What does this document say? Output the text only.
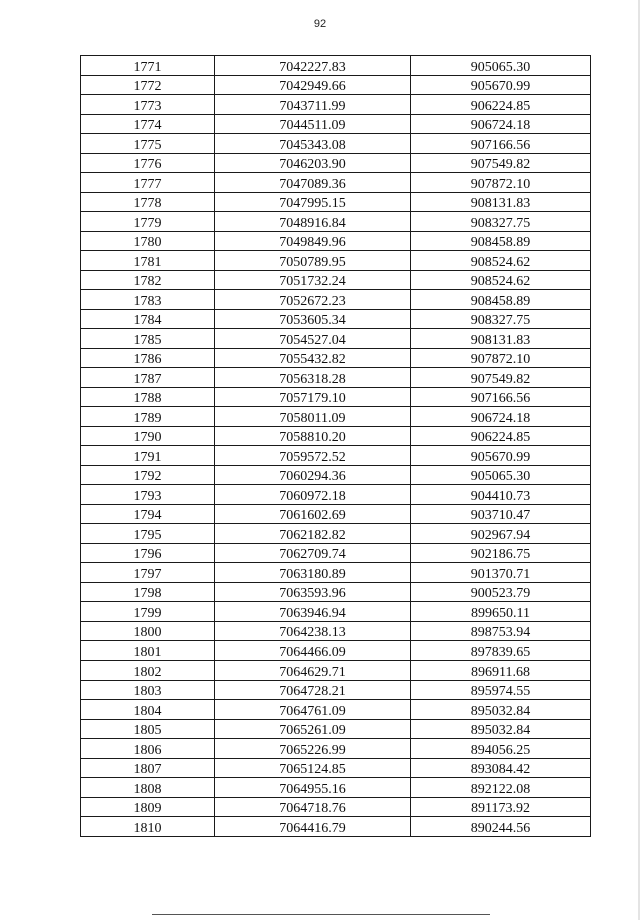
92
1771	7042227.83	905065.30
1772	7042949.66	905670.99
1773	7043711.99	906224.85
1774	7044511.09	906724.18
1775	7045343.08	907166.56
1776	7046203.90	907549.82
1777	7047089.36	907872.10
1778	7047995.15	908131.83
1779	7048916.84	908327.75
1780	7049849.96	908458.89
1781	7050789.95	908524.62
1782	7051732.24	908524.62
1783	7052672.23	908458.89
1784	7053605.34	908327.75
1785	7054527.04	908131.83
1786	7055432.82	907872.10
1787	7056318.28	907549.82
1788	7057179.10	907166.56
1789	7058011.09	906724.18
1790	7058810.20	906224.85
1791	7059572.52	905670.99
1792	7060294.36	905065.30
1793	7060972.18	904410.73
1794	7061602.69	903710.47
1795	7062182.82	902967.94
1796	7062709.74	902186.75
1797	7063180.89	901370.71
1798	7063593.96	900523.79
1799	7063946.94	899650.11
1800	7064238.13	898753.94
1801	7064466.09	897839.65
1802	7064629.71	896911.68
1803	7064728.21	895974.55
1804	7064761.09	895032.84
1805	7065261.09	895032.84
1806	7065226.99	894056.25
1807	7065124.85	893084.42
1808	7064955.16	892122.08
1809	7064718.76	891173.92
1810	7064416.79	890244.56
